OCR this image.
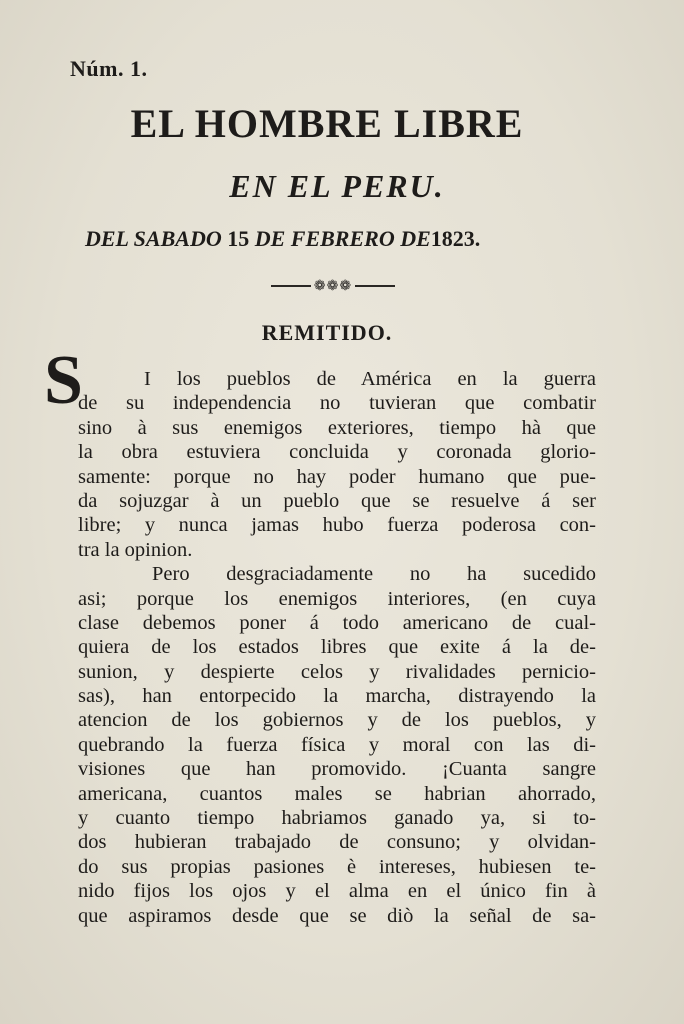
Núm. 1.
EL HOMBRE LIBRE
EN EL PERU.
DEL SABADO 15 DE FEBRERO DE1823.
❁❁❁
REMITIDO.
S	I los pueblos de América en la guerra
de su independencia no tuvieran que combatir
sino à sus enemigos exteriores, tiempo hà que
la obra estuviera concluida y coronada glorio-
samente: porque no hay poder humano que pue-
da sojuzgar à un pueblo que se resuelve á ser
libre; y nunca jamas hubo fuerza poderosa con-
tra la opinion.
Pero desgraciadamente no ha sucedido
asi; porque los enemigos interiores, (en cuya
clase debemos poner á todo americano de cual-
quiera de los estados libres que exite á la de-
sunion, y despierte celos y rivalidades pernicio-
sas), han entorpecido la marcha, distrayendo la
atencion de los gobiernos y de los pueblos, y
quebrando la fuerza física y moral con las di-
visiones que han promovido. ¡Cuanta sangre
americana, cuantos males se habrian ahorrado,
y cuanto tiempo habriamos ganado ya, si to-
dos hubieran trabajado de consuno; y olvidan-
do sus propias pasiones è intereses, hubiesen te-
nido fijos los ojos y el alma en el único fin à
que aspiramos desde que se diò la señal de sa-
